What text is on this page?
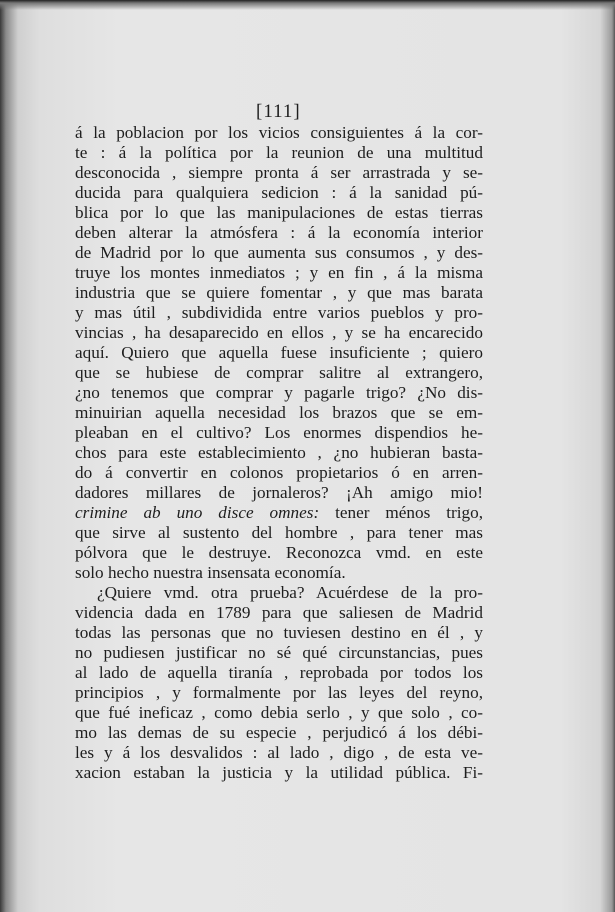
[111]
á la poblacion por los vicios consiguientes á la cor-
te : á la política por la reunion de una multitud
desconocida , siempre pronta á ser arrastrada y se-
ducida para qualquiera sedicion : á la sanidad pú-
blica por lo que las manipulaciones de estas tierras
deben alterar la atmósfera : á la economía interior
de Madrid por lo que aumenta sus consumos , y des-
truye los montes inmediatos ; y en fin , á la misma
industria que se quiere fomentar , y que mas barata
y mas útil , subdividida entre varios pueblos y pro-
vincias , ha desaparecido en ellos , y se ha encarecido
aquí. Quiero que aquella fuese insuficiente ; quiero
que se hubiese de comprar salitre al extrangero,
¿no tenemos que comprar y pagarle trigo? ¿No dis-
minuirian aquella necesidad los brazos que se em-
pleaban en el cultivo? Los enormes dispendios he-
chos para este establecimiento , ¿no hubieran basta-
do á convertir en colonos propietarios ó en arren-
dadores millares de jornaleros? ¡Ah amigo mio!
crimine ab uno disce omnes: tener ménos trigo,
que sirve al sustento del hombre , para tener mas
pólvora que le destruye. Reconozca vmd. en este
solo hecho nuestra insensata economía.
¿Quiere vmd. otra prueba? Acuérdese de la pro-
videncia dada en 1789 para que saliesen de Madrid
todas las personas que no tuviesen destino en él , y
no pudiesen justificar no sé qué circunstancias, pues
al lado de aquella tiranía , reprobada por todos los
principios , y formalmente por las leyes del reyno,
que fué ineficaz , como debia serlo , y que solo , co-
mo las demas de su especie , perjudicó á los débi-
les y á los desvalidos : al lado , digo , de esta ve-
xacion estaban la justicia y la utilidad pública. Fi-
